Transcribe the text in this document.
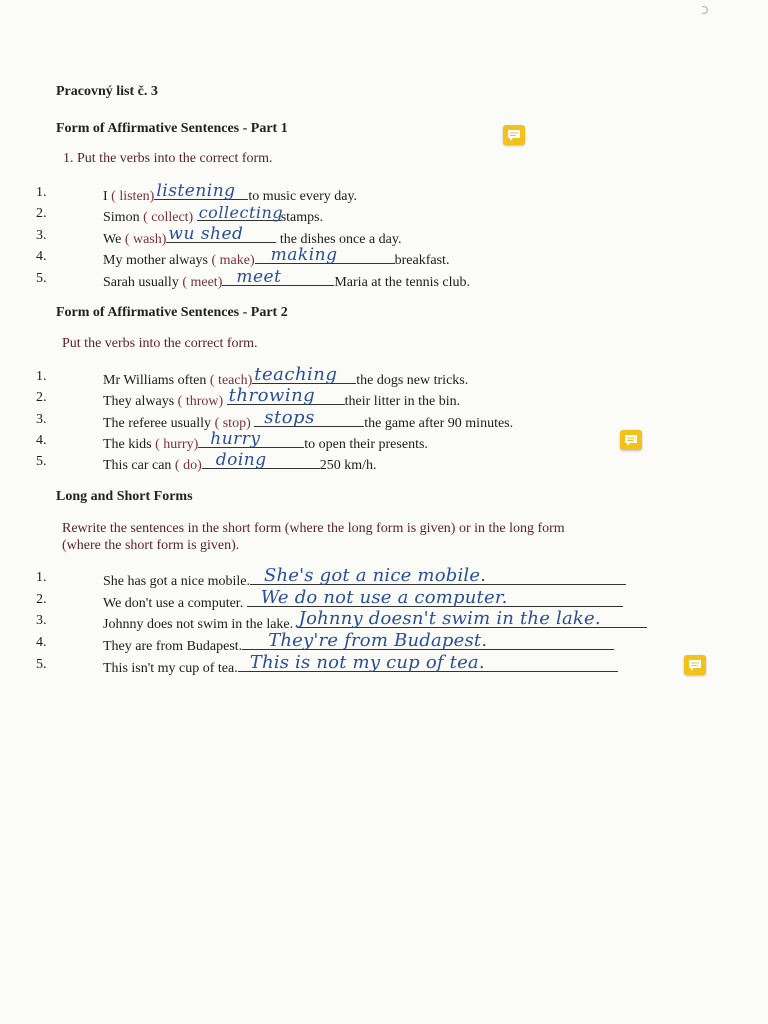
ↄ
Pracovný list č. 3
Form of Affirmative Sentences - Part 1
1. Put the verbs into the correct form.
1.	I ( listen) listening to music every day.
2.	Simon ( collect) collecting
stamps.
3.	We ( wash) wu shed	the dishes once a day.
4.	My mother always ( make) making	breakfast.
5.	Sarah usually ( meet) meet	Maria at the tennis club.
Form of Affirmative Sentences - Part 2
Put the verbs into the correct form.
1.	Mr Williams often ( teach) teaching the dogs new tricks.
2.	They always ( throw) throwing their litter in the bin.
3.	The referee usually ( stop) stops	the game after 90 minutes.
4.	The kids ( hurry) hurry	to open their presents.
5.	This car can ( do) doing	250 km/h.
Long and Short Forms
Rewrite the sentences in the short form (where the long form is given) or in the long form
(where the short form is given).
1.	She has got a nice mobile. She's got a nice mobile.
2.	We don't use a computer. We do not use a computer.
3.	Johnny does not swim in the lake. Johnny doesn't swim in the lake.
4.	They are from Budapest. They're from Budapest.
5.	This isn't my cup of tea. This is not my cup of tea.
